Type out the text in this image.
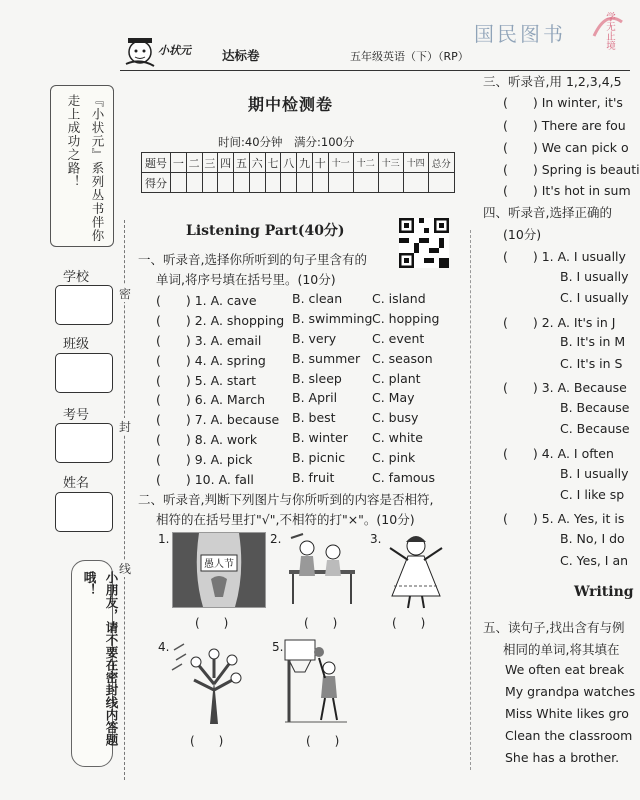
小状元 达标卷	五年级英语（下）（RP）
国民图书	学无止境
『小状元』系列丛书伴你走上成功之路！
学校
班级
考号
姓名
小朋友，请不要在密封线内答题哦！
密
封
线
期中检测卷
时间:40分钟　满分:100分
题号	一	二	三	四	五	六	七	八	九	十	十一	十二	十三	十四	总分
得分															
Listening Part(40分)
一、听录音,选择你所听到的句子里含有的
单词,将序号填在括号里。(10分)
(　　) 1. A. cave	B. clean C. island
(　　) 2. A. shopping B. swimming C. hopping
(　　) 3. A. email B. very	C. event
(　　) 4. A. spring B. summer C. season
(　　) 5. A. start	B. sleep C. plant
(　　) 6. A. March B. April	C. May
(　　) 7. A. because B. best	C. busy
(　　) 8. A. work	B. winter C. white
(　　) 9. A. pick	B. picnic C. pink
(　　) 10. A. fall	B. fruit	C. famous
二、听录音,判断下列图片与你所听到的内容是否相符,
相符的在括号里打"√",不相符的打"×"。(10分)
1.
愚人节
(　　)
2.
(　　)
3.
(　　)
4.
(　　)
5.
(　　)
三、听录音,用 1,2,3,4,5
(　　) In winter, it's
(　　) There are fou
(　　) We can pick o
(　　) Spring is beauti
(　　) It's hot in sum
四、听录音,选择正确的
(10分)
(　　) 1. A. I usually
B. I usually
C. I usually
(　　) 2. A. It's in J
B. It's in M
C. It's in S
(　　) 3. A. Because
B. Because
C. Because
(　　) 4. A. I often
B. I usually
C. I like sp
(　　) 5. A. Yes, it is
B. No, I do
C. Yes, I an
Writing
五、读句子,找出含有与例
相同的单词,将其填在
We often eat break
My grandpa watches
Miss White likes gro
Clean the classroom
She has a brother.
